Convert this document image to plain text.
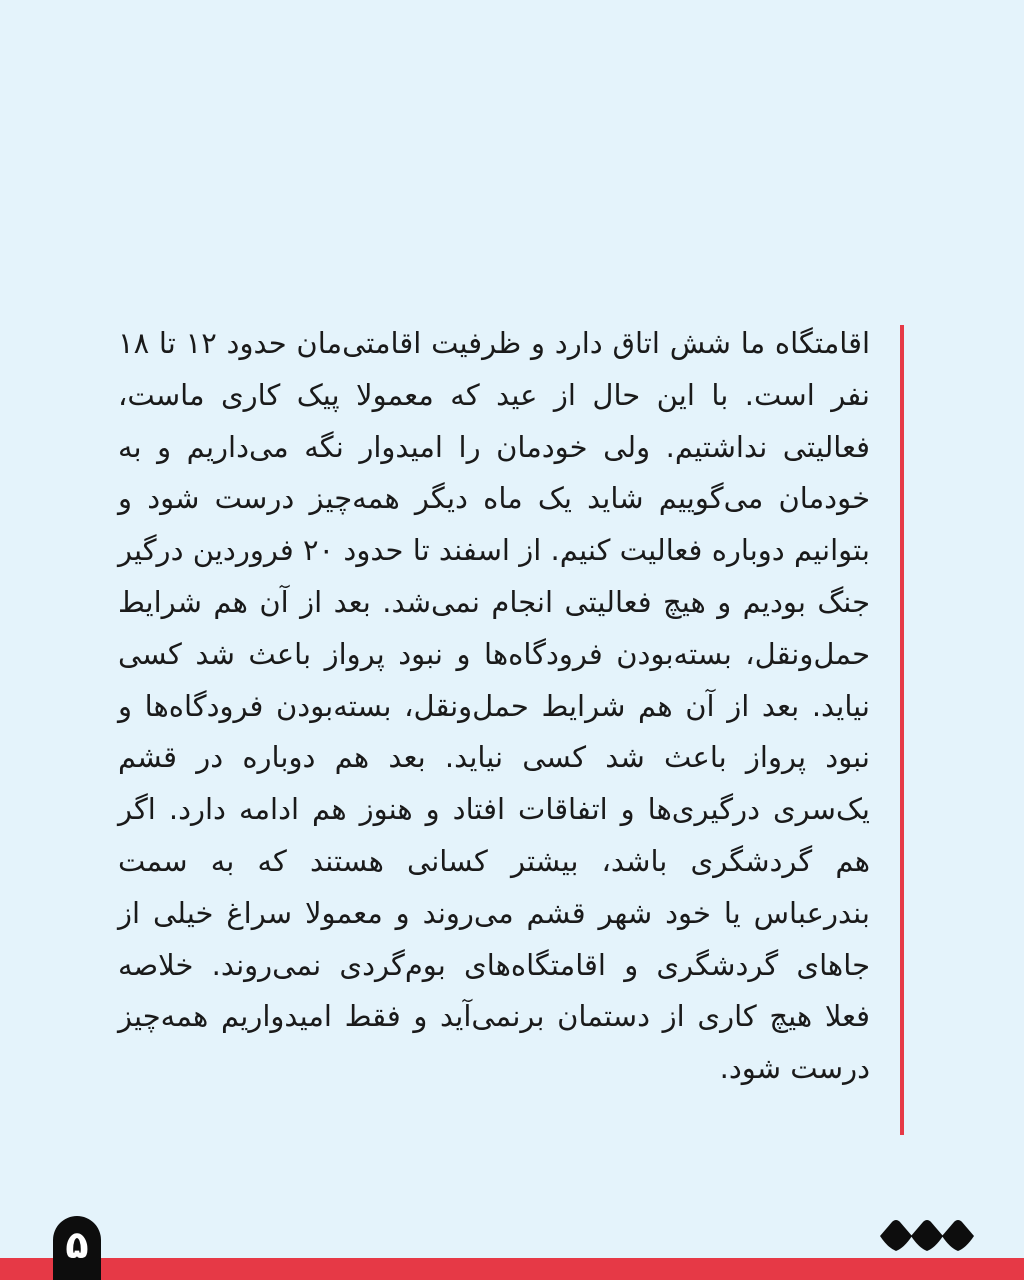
اقامتگاه ما شش اتاق دارد و ظرفیت اقامتی‌مان حدود ۱۲ تا ۱۸ نفر است. با این حال از عید که معمولا پیک کاری ماست، فعالیتی نداشتیم. ولی خودمان را امیدوار نگه می‌داریم و به خودمان می‌گوییم شاید یک ماه دیگر همه‌چیز درست شود و بتوانیم دوباره فعالیت کنیم. از اسفند تا حدود ۲۰ فروردین درگیر جنگ بودیم و هیچ فعالیتی انجام نمی‌شد. بعد از آن هم شرایط حمل‌ونقل، بسته‌بودن فرودگاه‌ها و نبود پرواز باعث شد کسی نیاید. بعد از آن هم شرایط حمل‌ونقل، بسته‌بودن فرودگاه‌ها و نبود پرواز باعث شد کسی نیاید. بعد هم دوباره در قشم یک‌سری درگیری‌ها و اتفاقات افتاد و هنوز هم ادامه دارد. اگر هم گردشگری باشد، بیشتر کسانی هستند که به سمت بندرعباس یا خود شهر قشم می‌روند و معمولا سراغ خیلی از جاهای گردشگری و اقامتگاه‌های بوم‌گردی نمی‌روند. خلاصه فعلا هیچ کاری از دستمان برنمی‌آید و فقط امیدواریم همه‌چیز درست شود.

۵
